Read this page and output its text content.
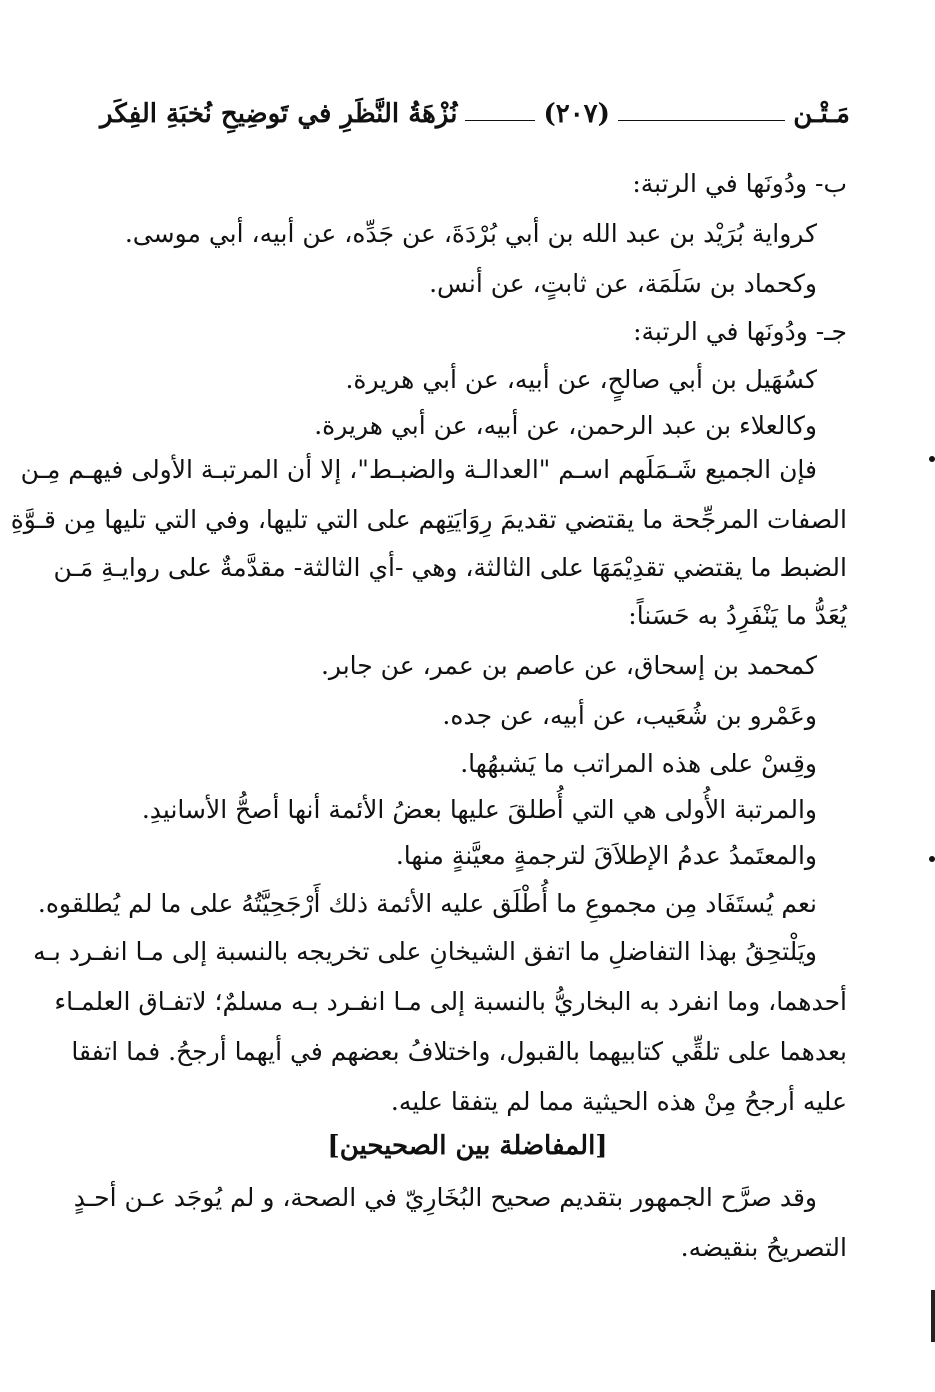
مَـتْـن
(٢٠٧)
نُزْهَةُ النَّظَرِ في تَوضِيحِ نُخبَةِ الفِكَر
ب- ودُونَها في الرتبة:
كرواية بُرَيْد بن عبد الله بن أبي بُرْدَةَ، عن جَدِّه، عن أبيه، أبي موسى.
وكحماد بن سَلَمَة، عن ثابتٍ، عن أنس.
جـ- ودُونَها في الرتبة:
كسُهَيل بن أبي صالحٍ، عن أبيه، عن أبي هريرة.
وكالعلاء بن عبد الرحمن، عن أبيه، عن أبي هريرة.
فإن الجميع شَـمَلَهم اسـم "العدالـة والضبـط"، إلا أن المرتبـة الأولى فيهـم مِـن
الصفات المرجِّحة ما يقتضي تقديمَ رِوَايَتِهم على التي تليها، وفي التي تليها مِن قـوَّةِ
الضبط ما يقتضي تقدِيْمَهَا على الثالثة، وهي -أي الثالثة- مقدَّمةٌ على روايـةِ مَـن
يُعَدُّ ما يَنْفَرِدُ به حَسَناً:
كمحمد بن إسحاق، عن عاصم بن عمر، عن جابر.
وعَمْرو بن شُعَيب، عن أبيه، عن جده.
وقِسْ على هذه المراتب ما يَشبهُها.
والمرتبة الأُولى هي التي أُطلقَ عليها بعضُ الأئمة أنها أصحُّ الأسانيدِ.
والمعتَمدُ عدمُ الإطلاَقَ لترجمةٍ معيَّنةٍ منها.
نعم يُستَفَاد مِن مجموعِ ما أُطْلَق عليه الأئمة ذلك أَرْجَحِيَّتُهُ على ما لم يُطلقوه.
ويَلْتحِقُ بهذا التفاضلِ ما اتفق الشيخانِ على تخريجه بالنسبة إلى مـا انفـرد بـه
أحدهما، وما انفرد به البخاريُّ بالنسبة إلى مـا انفـرد بـه مسلمٌ؛ لاتفـاق العلمـاء
بعدهما على تلقِّي كتابيهما بالقبول، واختلافُ بعضهم في أيهما أرجحُ. فما اتفقا
عليه أرجحُ مِنْ هذه الحيثية مما لم يتفقا عليه.
[المفاضلة بين الصحيحين]
وقد صرَّح الجمهور بتقديم صحيح البُخَارِيّ في الصحة، و لم يُوجَد عـن أحـدٍ
التصريحُ بنقيضه.
